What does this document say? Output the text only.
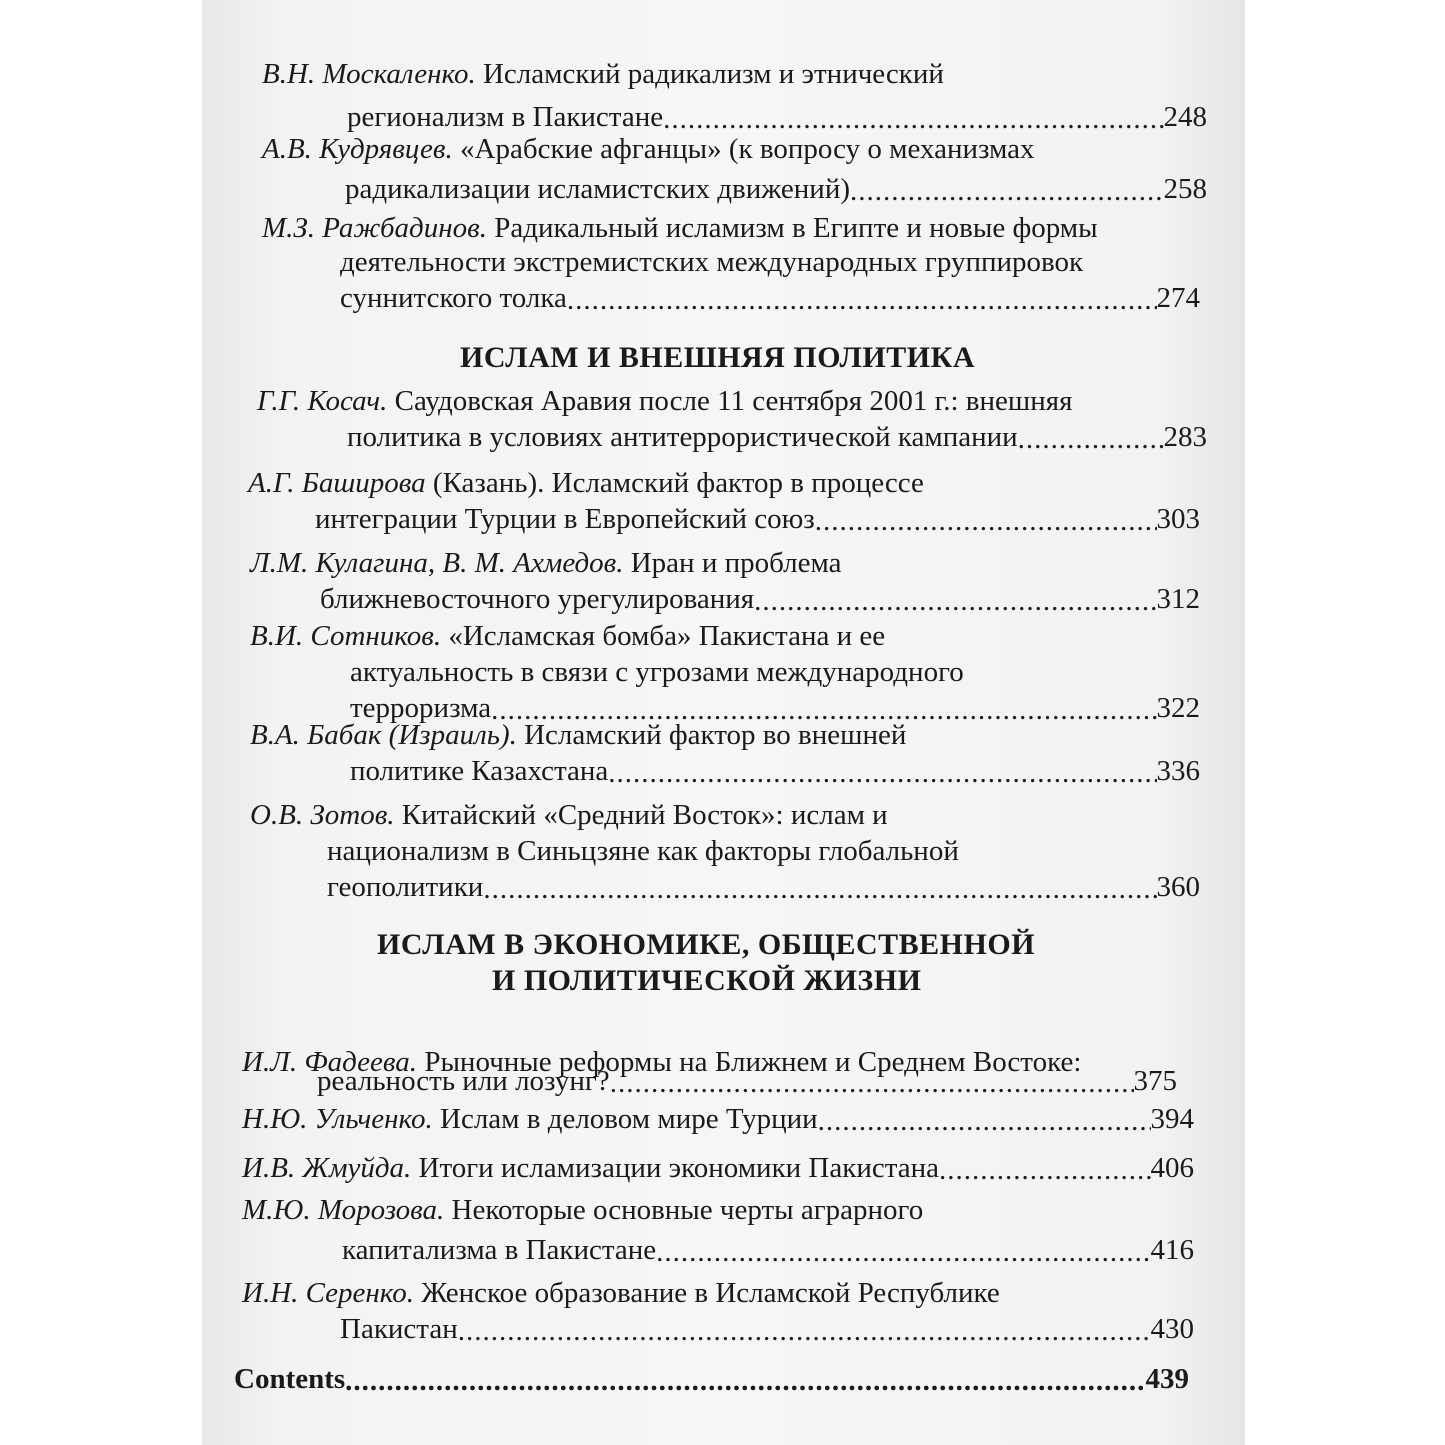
В.Н. Москаленко. Исламский радикализм и этнический
регионализм в Пакистане .....	248
А.В. Кудрявцев. «Арабские афганцы» (к вопросу о механизмах
радикализации исламистских движений) .....	258
М.З. Ражбадинов. Радикальный исламизм в Египте и новые формы
деятельности экстремистских международных группировок
суннитского толка .....	274
Г.Г. Косач. Саудовская Аравия после 11 сентября 2001 г.: внешняя
политика в условиях антитеррористической кампании .....	283
А.Г. Баширова (Казань). Исламский фактор в процессе
интеграции Турции в Европейский союз .....	303
Л.М. Кулагина, В. М. Ахмедов. Иран и проблема
ближневосточного урегулирования .....	312
В.И. Сотников. «Исламская бомба» Пакистана и ее
актуальность в связи с угрозами международного
терроризма .....	322
В.А. Бабак (Израиль). Исламский фактор во внешней
политике Казахстана .....	336
О.В. Зотов. Китайский «Средний Восток»: ислам и
национализм в Синьцзяне как факторы глобальной
геополитики .....	360
И.Л. Фадеева. Рыночные реформы на Ближнем и Среднем Востоке:
реальность или лозунг? .....	375
Н.Ю. Ульченко. Ислам в деловом мире Турции .....	394
И.В. Жмуйда. Итоги исламизации экономики Пакистана .....	406
М.Ю. Морозова. Некоторые основные черты аграрного
капитализма в Пакистане .....	416
И.Н. Серенко. Женское образование в Исламской Республике
Пакистан .....	430
ИСЛАМ И ВНЕШНЯЯ ПОЛИТИКА
ИСЛАМ В ЭКОНОМИКЕ, ОБЩЕСТВЕННОЙ
И ПОЛИТИЧЕСКОЙ ЖИЗНИ
Contents .....	439
